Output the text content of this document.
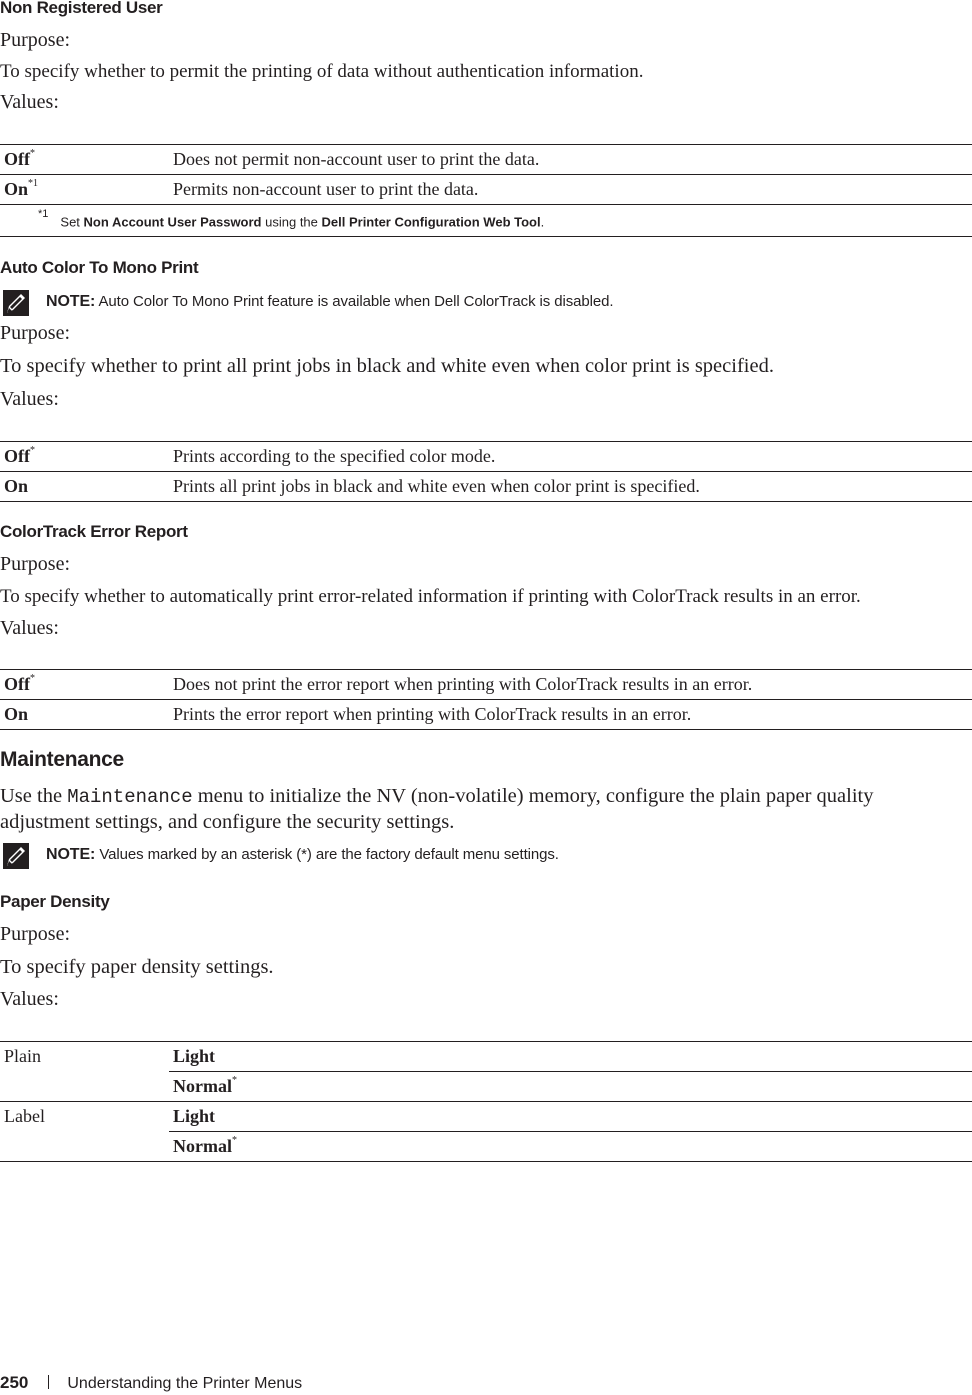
Non Registered User
Purpose:
To specify whether to permit the printing of data without authentication information.
Values:
Off*	Does not permit non-account user to print the data.
On$^{*1}$	Permits non-account user to print the data.
$^{*1}$Set Non Account User Password using the Dell Printer Configuration Web Tool.	
Auto Color To Mono Print
NOTE: Auto Color To Mono Print feature is available when Dell ColorTrack is disabled.
Purpose:
To specify whether to print all print jobs in black and white even when color print is specified.
Values:
Off*	Prints according to the specified color mode.
On	Prints all print jobs in black and white even when color print is specified.
ColorTrack Error Report
Purpose:
To specify whether to automatically print error-related information if printing with ColorTrack results in an error.
Values:
Off*	Does not print the error report when printing with ColorTrack results in an error.
On	Prints the error report when printing with ColorTrack results in an error.
Maintenance
Use the Maintenance menu to initialize the NV (non-volatile) memory, configure the plain paper quality adjustment settings, and configure the security settings.
NOTE: Values marked by an asterisk (*) are the factory default menu settings.
Paper Density
Purpose:
To specify paper density settings.
Values:
Plain	Light
	Normal*
Label	Light
	Normal*
250 Understanding the Printer Menus
